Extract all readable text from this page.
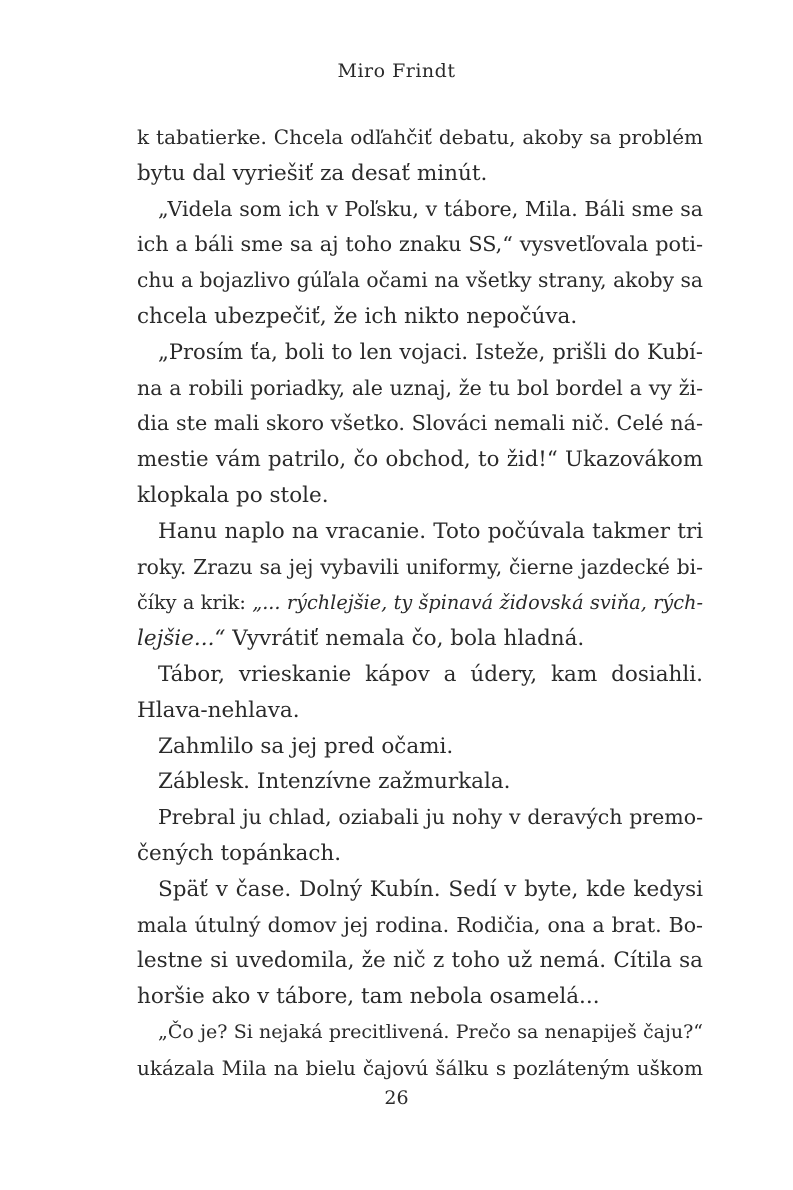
Miro Frindt
k tabatierke. Chcela odľahčiť debatu, akoby sa problém
bytu dal vyriešiť za desať minút.
„Videla som ich v Poľsku, v tábore, Mila. Báli sme sa
ich a báli sme sa aj toho znaku SS,“ vysvetľovala poti-
chu a bojazlivo gúľala očami na všetky strany, akoby sa
chcela ubezpečiť, že ich nikto nepočúva.
„Prosím ťa, boli to len vojaci. Isteže, prišli do Kubí-
na a robili poriadky, ale uznaj, že tu bol bordel a vy ži-
dia ste mali skoro všetko. Slováci nemali nič. Celé ná-
mestie vám patrilo, čo obchod, to žid!“ Ukazovákom
klopkala po stole.
Hanu naplo na vracanie. Toto počúvala takmer tri
roky. Zrazu sa jej vybavili uniformy, čierne jazdecké bi-
číky a krik: „... rýchlejšie, ty špinavá židovská sviňa, rých-
lejšie...“ Vyvrátiť nemala čo, bola hladná.
Tábor, vrieskanie kápov a údery, kam dosiahli.
Hlava-nehlava.
Zahmlilo sa jej pred očami.
Záblesk. Intenzívne zažmurkala.
Prebral ju chlad, oziabali ju nohy v deravých premo-
čených topánkach.
Späť v čase. Dolný Kubín. Sedí v byte, kde kedysi
mala útulný domov jej rodina. Rodičia, ona a brat. Bo-
lestne si uvedomila, že nič z toho už nemá. Cítila sa
horšie ako v tábore, tam nebola osamelá...
„Čo je? Si nejaká precitlivená. Prečo sa nenapiješ čaju?“
ukázala Mila na bielu čajovú šálku s pozláteným uškom
26
